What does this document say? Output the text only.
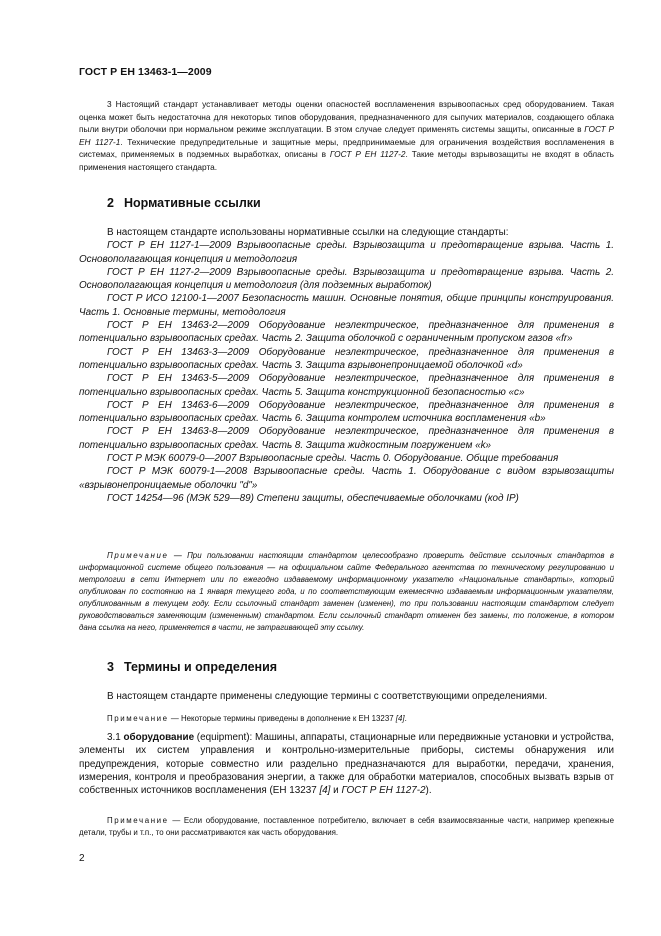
ГОСТ Р ЕН 13463-1—2009
3 Настоящий стандарт устанавливает методы оценки опасностей воспламенения взрывоопасных сред оборудованием. Такая оценка может быть недостаточна для некоторых типов оборудования, предназначенного для сыпучих материалов, создающего облака пыли внутри оболочки при нормальном режиме эксплуатации. В этом случае следует применять системы защиты, описанные в ГОСТ Р ЕН 1127-1. Технические предупредительные и защитные меры, предпринимаемые для ограничения воздействия воспламенения в системах, применяемых в подземных выработках, описаны в ГОСТ Р ЕН 1127-2. Такие методы взрывозащиты не входят в область применения настоящего стандарта.
2 Нормативные ссылки
В настоящем стандарте использованы нормативные ссылки на следующие стандарты:
ГОСТ Р ЕН 1127-1—2009 Взрывоопасные среды. Взрывозащита и предотвращение взрыва. Часть 1. Основополагающая концепция и методология
ГОСТ Р ЕН 1127-2—2009 Взрывоопасные среды. Взрывозащита и предотвращение взрыва. Часть 2. Основополагающая концепция и методология (для подземных выработок)
ГОСТ Р ИСО 12100-1—2007 Безопасность машин. Основные понятия, общие принципы конструирования. Часть 1. Основные термины, методология
ГОСТ Р ЕН 13463-2—2009 Оборудование неэлектрическое, предназначенное для применения в потенциально взрывоопасных средах. Часть 2. Защита оболочкой с ограниченным пропуском газов «fr»
ГОСТ Р ЕН 13463-3—2009 Оборудование неэлектрическое, предназначенное для применения в потенциально взрывоопасных средах. Часть 3. Защита взрывонепроницаемой оболочкой «d»
ГОСТ Р ЕН 13463-5—2009 Оборудование неэлектрическое, предназначенное для применения в потенциально взрывоопасных средах. Часть 5. Защита конструкционной безопасностью «c»
ГОСТ Р ЕН 13463-6—2009 Оборудование неэлектрическое, предназначенное для применения в потенциально взрывоопасных средах. Часть 6. Защита контролем источника воспламенения «b»
ГОСТ Р ЕН 13463-8—2009 Оборудование неэлектрическое, предназначенное для применения в потенциально взрывоопасных средах. Часть 8. Защита жидкостным погружением «k»
ГОСТ Р МЭК 60079-0—2007 Взрывоопасные среды. Часть 0. Оборудование. Общие требования
ГОСТ Р МЭК 60079-1—2008 Взрывоопасные среды. Часть 1. Оборудование с видом взрывозащиты «взрывонепроницаемые оболочки "d"»
ГОСТ 14254—96 (МЭК 529—89) Степени защиты, обеспечиваемые оболочками (код IP)
Примечание — При пользовании настоящим стандартом целесообразно проверить действие ссылочных стандартов в информационной системе общего пользования — на официальном сайте Федерального агентства по техническому регулированию и метрологии в сети Интернет или по ежегодно издаваемому информационному указателю «Национальные стандарты», который опубликован по состоянию на 1 января текущего года, и по соответствующим ежемесячно издаваемым информационным указателям, опубликованным в текущем году. Если ссылочный стандарт заменен (изменен), то при пользовании настоящим стандартом следует руководствоваться заменяющим (измененным) стандартом. Если ссылочный стандарт отменен без замены, то положение, в котором дана ссылка на него, применяется в части, не затрагивающей эту ссылку.
3 Термины и определения
В настоящем стандарте применены следующие термины с соответствующими определениями.
Примечание — Некоторые термины приведены в дополнение к ЕН 13237 [4].
3.1 оборудование (equipment): Машины, аппараты, стационарные или передвижные установки и устройства, элементы их систем управления и контрольно-измерительные приборы, системы обнаружения или предупреждения, которые совместно или раздельно предназначаются для выработки, передачи, хранения, измерения, контроля и преобразования энергии, а также для обработки материалов, способных вызвать взрыв от собственных источников воспламенения (ЕН 13237 [4] и ГОСТ Р ЕН 1127-2).
Примечание — Если оборудование, поставленное потребителю, включает в себя взаимосвязанные части, например крепежные детали, трубы и т.п., то они рассматриваются как часть оборудования.
2
